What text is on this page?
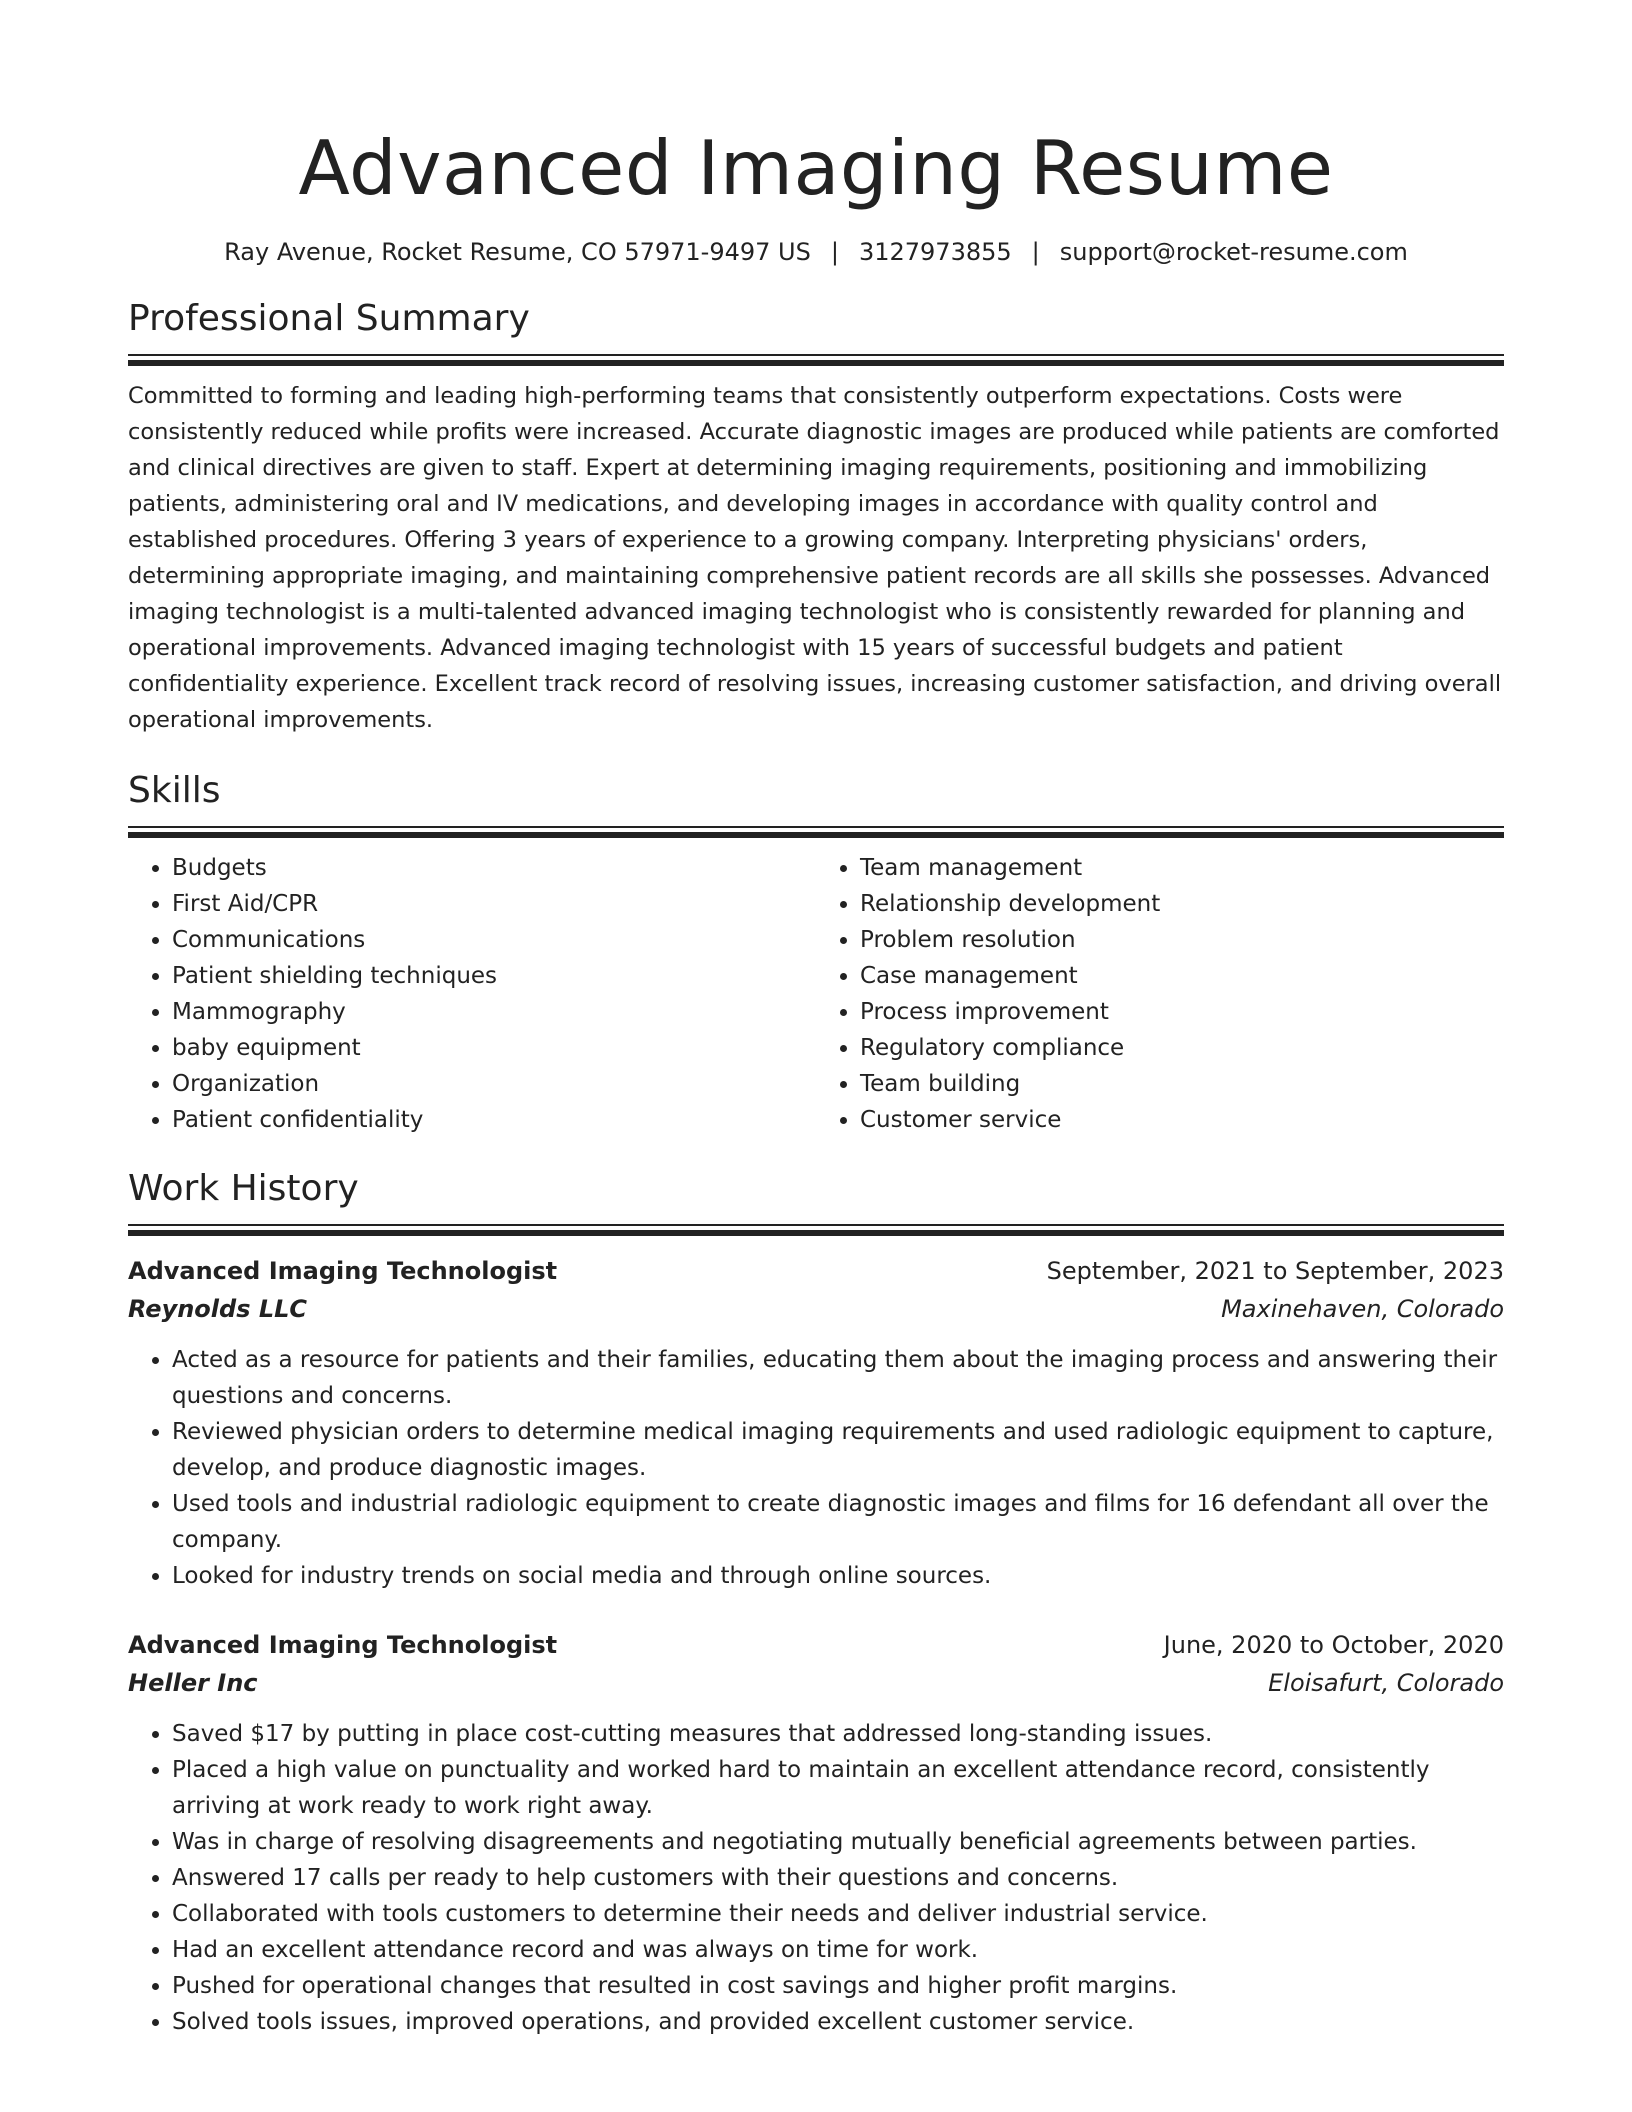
Advanced Imaging Resume
Ray Avenue, Rocket Resume, CO 57971-9497 US | 3127973855 | support@rocket-resume.com
Professional Summary

Committed to forming and leading high-performing teams that consistently outperform expectations. Costs were consistently reduced while profits were increased. Accurate diagnostic images are produced while patients are comforted and clinical directives are given to staff. Expert at determining imaging requirements, positioning and immobilizing patients, administering oral and IV medications, and developing images in accordance with quality control and established procedures. Offering 3 years of experience to a growing company. Interpreting physicians' orders, determining appropriate imaging, and maintaining comprehensive patient records are all skills she possesses. Advanced imaging technologist is a multi-talented advanced imaging technologist who is consistently rewarded for planning and operational improvements. Advanced imaging technologist with 15 years of successful budgets and patient confidentiality experience. Excellent track record of resolving issues, increasing customer satisfaction, and driving overall operational improvements.

Skills
• Budgets
• First Aid/CPR
• Communications
• Patient shielding techniques
• Mammography
• baby equipment
• Organization
• Patient confidentiality
• Team management
• Relationship development
• Problem resolution
• Case management
• Process improvement
• Regulatory compliance
• Team building
• Customer service
Work History
Advanced Imaging Technologist	September, 2021 to September, 2023
Reynolds LLC	Maxinehaven, Colorado
• Acted as a resource for patients and their families, educating them about the imaging process and answering their questions and concerns.
• Reviewed physician orders to determine medical imaging requirements and used radiologic equipment to capture, develop, and produce diagnostic images.
• Used tools and industrial radiologic equipment to create diagnostic images and films for 16 defendant all over the company.
• Looked for industry trends on social media and through online sources.
Advanced Imaging Technologist	June, 2020 to October, 2020
Heller Inc	Eloisafurt, Colorado
• Saved $17 by putting in place cost-cutting measures that addressed long-standing issues.
• Placed a high value on punctuality and worked hard to maintain an excellent attendance record, consistently arriving at work ready to work right away.
• Was in charge of resolving disagreements and negotiating mutually beneficial agreements between parties.
• Answered 17 calls per ready to help customers with their questions and concerns.
• Collaborated with tools customers to determine their needs and deliver industrial service.
• Had an excellent attendance record and was always on time for work.
• Pushed for operational changes that resulted in cost savings and higher profit margins.
• Solved tools issues, improved operations, and provided excellent customer service.
